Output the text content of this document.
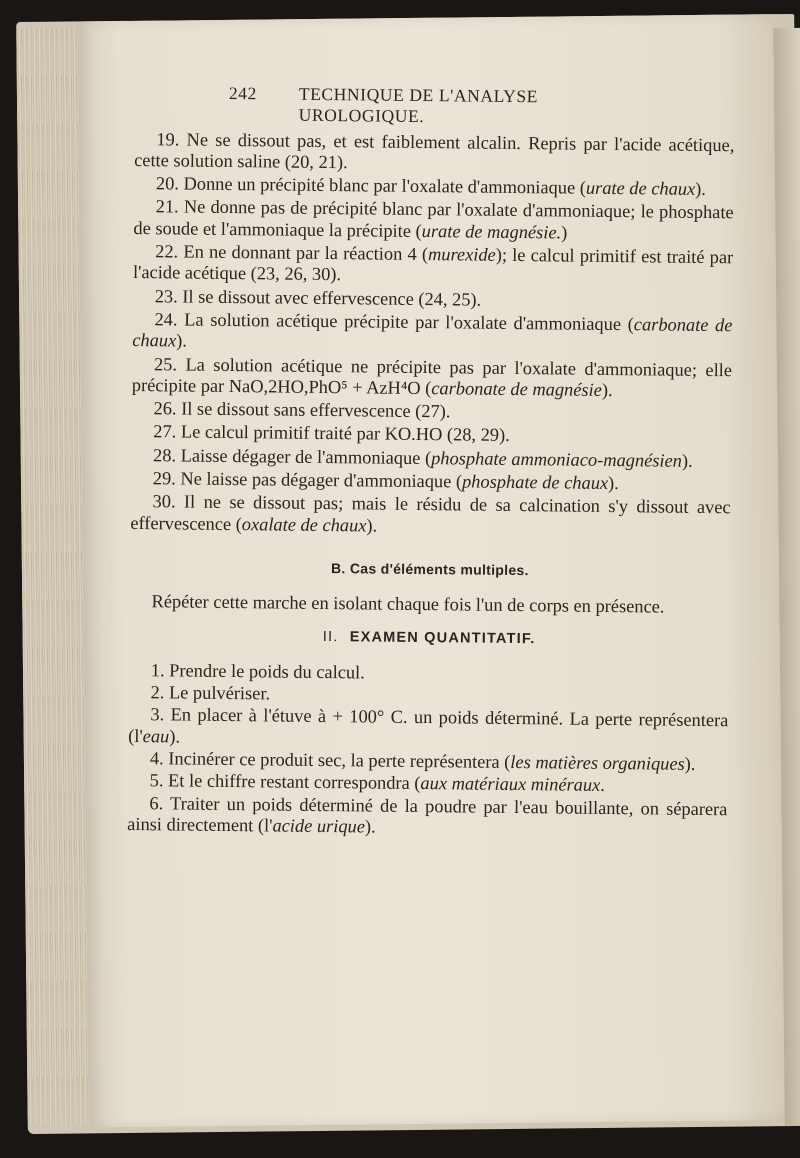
242	TECHNIQUE DE L'ANALYSE UROLOGIQUE.

19. Ne se dissout pas, et est faiblement alcalin. Repris par l'acide acétique, cette solution saline (20, 21).

20. Donne un précipité blanc par l'oxalate d'ammoniaque (urate de chaux).

21. Ne donne pas de précipité blanc par l'oxalate d'ammoniaque; le phosphate de soude et l'ammoniaque la précipite (urate de magnésie.)

22. En ne donnant par la réaction 4 (murexide); le calcul primitif est traité par l'acide acétique (23, 26, 30).

23. Il se dissout avec effervescence (24, 25).

24. La solution acétique précipite par l'oxalate d'ammoniaque (carbonate de chaux).

25. La solution acétique ne précipite pas par l'oxalate d'ammoniaque; elle précipite par NaO,2HO,PhO⁵ + AzH⁴O (carbonate de magnésie).

26. Il se dissout sans effervescence (27).

27. Le calcul primitif traité par KO.HO (28, 29).

28. Laisse dégager de l'ammoniaque (phosphate ammoniaco-magnésien).

29. Ne laisse pas dégager d'ammoniaque (phosphate de chaux).

30. Il ne se dissout pas; mais le résidu de sa calcination s'y dissout avec effervescence (oxalate de chaux).

B. Cas d'éléments multiples.

Répéter cette marche en isolant chaque fois l'un de corps en présence.

II. EXAMEN QUANTITATIF.

1. Prendre le poids du calcul.

2. Le pulvériser.

3. En placer à l'étuve à + 100° C. un poids déterminé. La perte représentera (l'eau).

4. Incinérer ce produit sec, la perte représentera (les matières organiques).

5. Et le chiffre restant correspondra (aux matériaux minéraux.

6. Traiter un poids déterminé de la poudre par l'eau bouillante, on séparera ainsi directement (l'acide urique).
